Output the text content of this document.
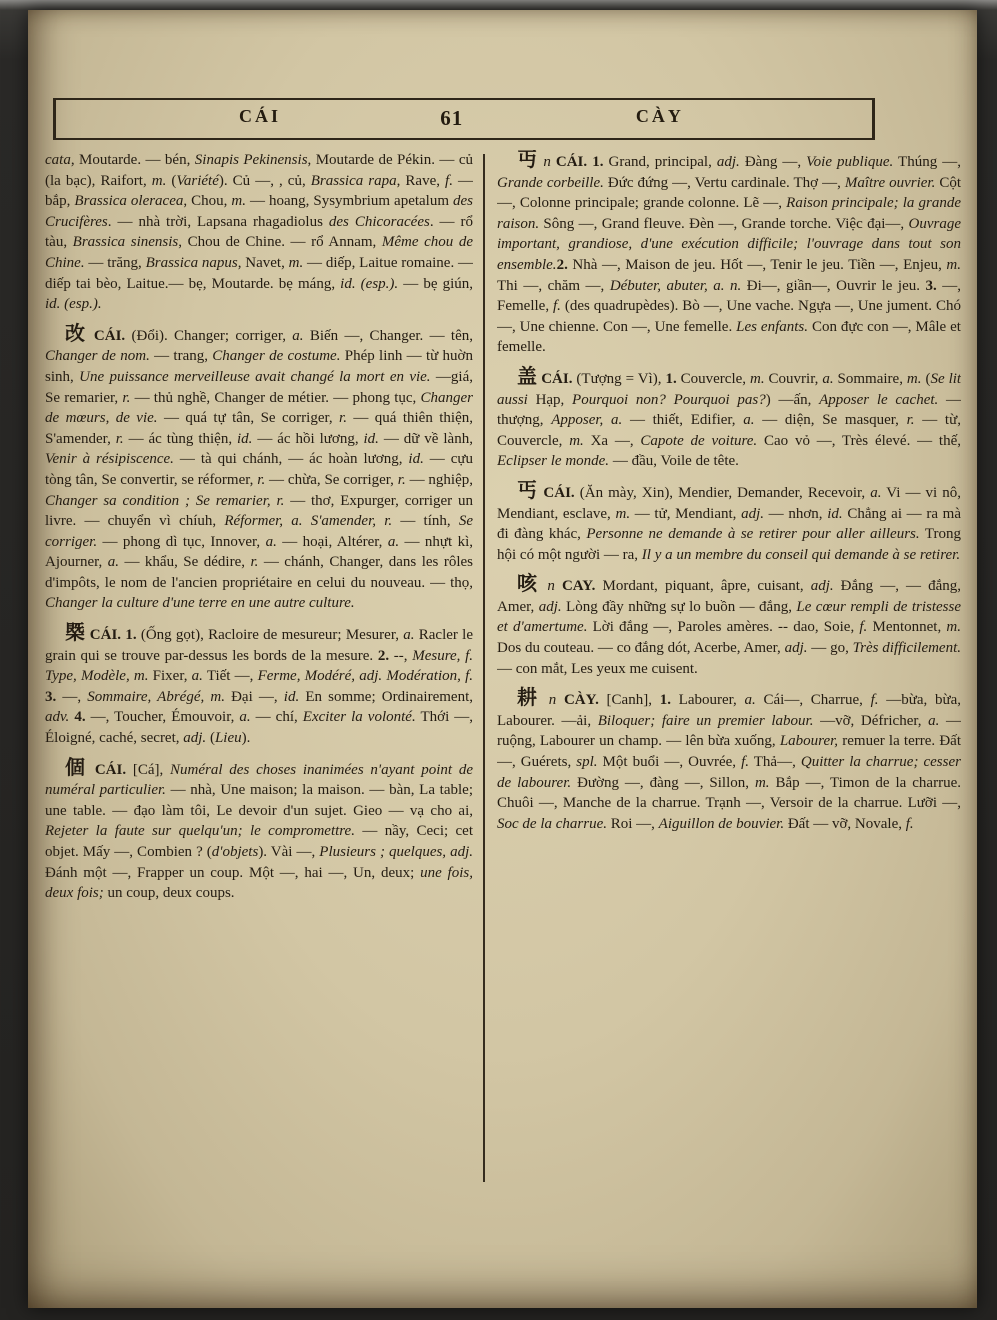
CÁI	61	CÀY

cata, Moutarde. — bén, Sinapis Pekinensis, Moutarde de Pékin. — củ (la bạc), Raifort, m. (Variété). Củ —, , củ, Brassica rapa, Rave, f. — bắp, Brassica oleracea, Chou, m. — hoang, Sysymbrium apetalum des Crucifères. — nhà trời, Lapsana rhagadiolus des Chicoracées. — rổ tàu, Brassica sinensis, Chou de Chine. — rổ Annam, Même chou de Chine. — trăng, Brassica napus, Navet, m. — diếp, Laitue romaine. —diếp tai bèo, Laitue.— bẹ, Moutarde. bẹ máng, id. (esp.). — bẹ giún, id. (esp.).

改 CÁI. (Đổi). Changer; corriger, a. Biến —, Changer. — tên, Changer de nom. — trang, Changer de costume. Phép linh — từ huờn sinh, Une puissance merveilleuse avait changé la mort en vie. —giá, Se remarier, r. — thủ nghề, Changer de métier. — phong tục, Changer de mœurs, de vie. — quá tự tân, Se corriger, r. — quá thiên thiện, S'amender, r. — ác tùng thiện, id. — ác hồi lương, id. — dữ về lành, Venir à résipiscence. — tà qui chánh, — ác hoàn lương, id. — cựu tòng tân, Se convertir, se réformer, r. — chừa, Se corriger, r. — nghiệp, Changer sa condition ; Se remarier, r. — thơ, Expurger, corriger un livre. — chuyển vì chíuh, Réformer, a. S'amender, r. — tính, Se corriger. — phong dì tục, Innover, a. — hoại, Altérer, a. — nhựt kì, Ajourner, a. — khẩu, Se dédire, r. — chánh, Changer, dans les rôles d'impôts, le nom de l'ancien propriétaire en celui du nouveau. — thọ, Changer la culture d'une terre en une autre culture.

槩 CÁI. 1. (Ống gọt), Racloire de mesureur; Mesurer, a. Racler le grain qui se trouve par-dessus les bords de la mesure. 2. --, Mesure, f. Type, Modèle, m. Fixer, a. Tiết —, Ferme, Modéré, adj. Modération, f. 3. —, Sommaire, Abrégé, m. Đại —, id. En somme; Ordinairement, adv. 4. —, Toucher, Émouvoir, a. — chí, Exciter la volonté. Thới —, Éloigné, caché, secret, adj. (Lieu).

個 CÁI. [Cá], Numéral des choses inanimées n'ayant point de numéral particulier. — nhà, Une maison; la maison. — bàn, La table; une table. — đạo làm tôi, Le devoir d'un sujet. Gieo — vạ cho ai, Rejeter la faute sur quelqu'un; le compromettre. — nầy, Ceci; cet objet. Mấy —, Combien ? (d'objets). Vài —, Plusieurs ; quelques, adj. Đánh một —, Frapper un coup. Một —, hai —, Un, deux; une fois, deux fois; un coup, deux coups.

丏 n CÁI. 1. Grand, principal, adj. Đàng —, Voie publique. Thúng —, Grande corbeille. Đức đứng —, Vertu cardinale. Thợ —, Maître ouvrier. Cột —, Colonne principale; grande colonne. Lẽ —, Raison principale; la grande raison. Sông —, Grand fleuve. Đèn —, Grande torche. Việc đại—, Ouvrage important, grandiose, d'une exécution difficile; l'ouvrage dans tout son ensemble.2. Nhà —, Maison de jeu. Hốt —, Tenir le jeu. Tiền —, Enjeu, m. Thi —, chăm —, Débuter, abuter, a. n. Đi—, giần—, Ouvrir le jeu. 3. —, Femelle, f. (des quadrupèdes). Bò —, Une vache. Ngựa —, Une jument. Chó —, Une chienne. Con —, Une femelle. Les enfants. Con đực con —, Mâle et femelle.

盖 CÁI. (Tượng = Vì), 1. Couvercle, m. Couvrir, a. Sommaire, m. (Se lit aussi Hạp, Pourquoi non? Pourquoi pas?) —ấn, Apposer le cachet. — thượng, Apposer, a. — thiết, Edifier, a. — diện, Se masquer, r. — từ, Couvercle, m. Xa —, Capote de voiture. Cao vỏ —, Très élevé. — thế, Eclipser le monde. — đầu, Voile de tête.

丐 CÁI. (Ăn mày, Xin), Mendier, Demander, Recevoir, a. Vi — vi nô, Mendiant, esclave, m. — tử, Mendiant, adj. — nhơn, id. Chẳng ai — ra mà đi đàng khác, Personne ne demande à se retirer pour aller ailleurs. Trong hội có một người — ra, Il y a un membre du conseil qui demande à se retirer.

咳 n CAY. Mordant, piquant, âpre, cuisant, adj. Đắng —, — đắng, Amer, adj. Lòng đầy những sự lo buồn — đắng, Le cœur rempli de tristesse et d'amertume. Lời đắng —, Paroles amères. -- dao, Soie, f. Mentonnet, m. Dos du couteau. — co đắng dót, Acerbe, Amer, adj. — go, Très difficilement. — con mắt, Les yeux me cuisent.

耕 n CÀY. [Canh], 1. Labourer, a. Cái—, Charrue, f. —bừa, bừa, Labourer. —ải, Biloquer; faire un premier labour. —vỡ, Défricher, a. —ruộng, Labourer un champ. — lên bừa xuống, Labourer, remuer la terre. Đất —, Guérets, spl. Một buổi —, Ouvrée, f. Thả—, Quitter la charrue; cesser de labourer. Đường —, đàng —, Sillon, m. Bắp —, Timon de la charrue. Chuôi —, Manche de la charrue. Trạnh —, Versoir de la charrue. Lưỡi —, Soc de la charrue. Roi —, Aiguillon de bouvier. Đất — vỡ, Novale, f.
